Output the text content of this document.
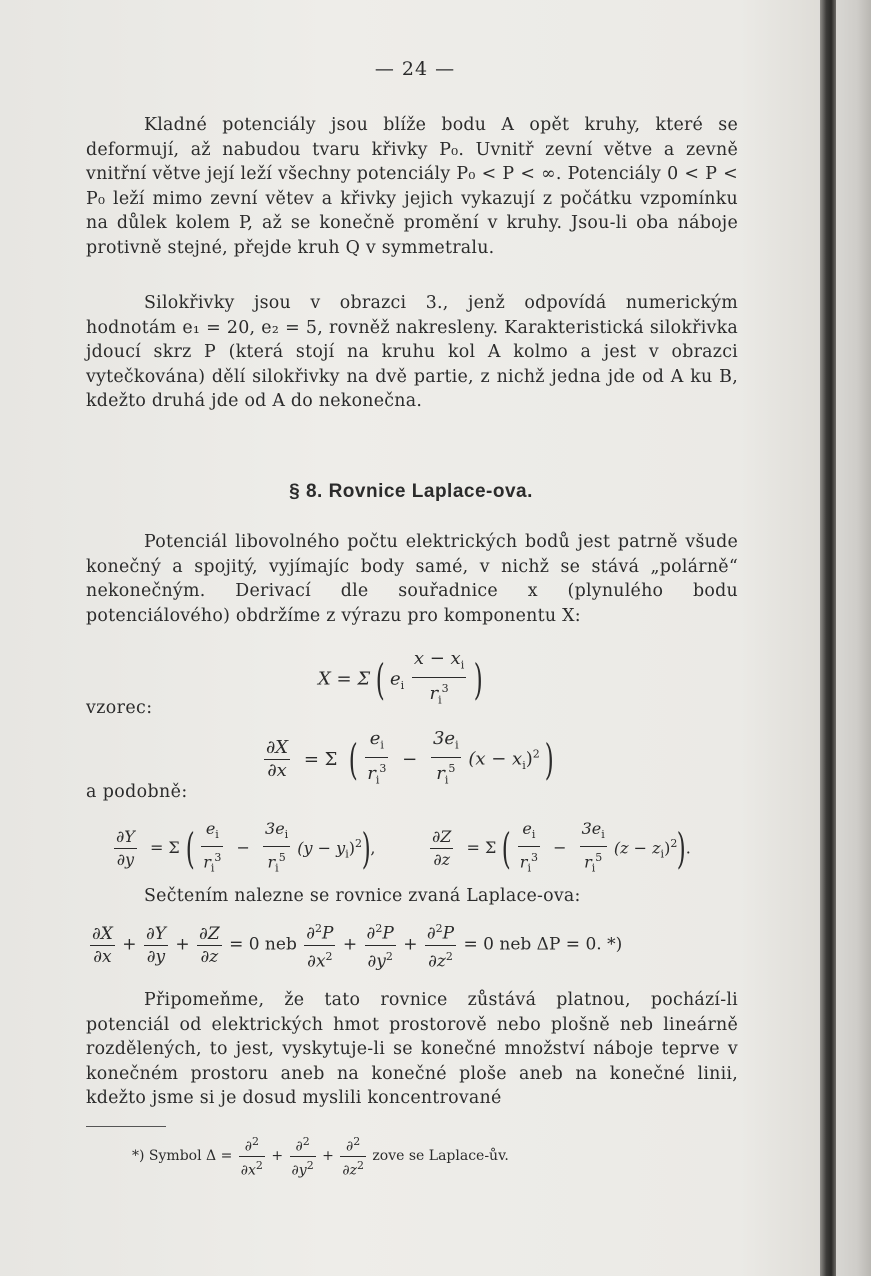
— 24 —
Kladné potenciály jsou blíže bodu A opět kruhy, které se deformují, až nabudou tvaru křivky P₀. Uvnitř zevní větve a zevně vnitřní větve její leží všechny potenciály P₀ < P < ∞. Potenciály 0 < P < P₀ leží mimo zevní větev a křivky jejich vykazují z počátku vzpomínku na důlek kolem P, až se konečně promění v kruhy. Jsou-li oba náboje protivně stejné, přejde kruh Q v symmetralu.
Silokřivky jsou v obrazci 3., jenž odpovídá numerickým hodnotám e₁ = 20, e₂ = 5, rovněž nakresleny. Karakteristická silokřivka jdoucí skrz P (která stojí na kruhu kol A kolmo a jest v obrazci vytečkována) dělí silokřivky na dvě partie, z nichž jedna jde od A ku B, kdežto druhá jde od A do nekonečna.
§ 8. Rovnice Laplace-ova.
Potenciál libovolného počtu elektrických bodů jest patrně všude konečný a spojitý, vyjímajíc body samé, v nichž se stává „polárně“ nekonečným. Derivací dle souřadnice x (plynulého bodu potenciálového) obdržíme z výrazu pro komponentu X:
X = Σ ( $e_i \frac{x - x_i}{r_i^3}$ )
vzorec:
$\frac{\partial X}{\partial x} = \Sigma$ ( $\frac{e_i}{r_i^3} - \frac{3e_i}{r_i^5} (x - x_i)^2$ )
a podobně:
$\frac{\partial Y}{\partial y} = \Sigma$ ( $\frac{e_i}{r_i^3} - \frac{3e_i}{r_i^5} (y - y_i)^2$),	$\frac{\partial Z}{\partial z} = \Sigma$ ( $\frac{e_i}{r_i^3} - \frac{3e_i}{r_i^5} (z - z_i)^2$).
Sečtením nalezne se rovnice zvaná Laplace-ova:
$\frac{\partial X}{\partial x} + \frac{\partial Y}{\partial y} + \frac{\partial Z}{\partial z} = 0$ neb $\frac{\partial^2P}{\partial x^2} + \frac{\partial^2P}{\partial y^2} + \frac{\partial^2P}{\partial z^2} = 0$ neb ΔP = 0. *)
Připomeňme, že tato rovnice zůstává platnou, pochází-li potenciál od elektrických hmot prostorově nebo plošně neb lineárně rozdělených, to jest, vyskytuje-li se konečné množství náboje teprve v konečném prostoru aneb na konečné ploše aneb na konečné linii, kdežto jsme si je dosud myslili koncentrované
*) Symbol $\Delta = \frac{\partial^2}{\partial x^2} + \frac{\partial^2}{\partial y^2} + \frac{\partial^2}{\partial z^2}$ zove se Laplace-ův.
